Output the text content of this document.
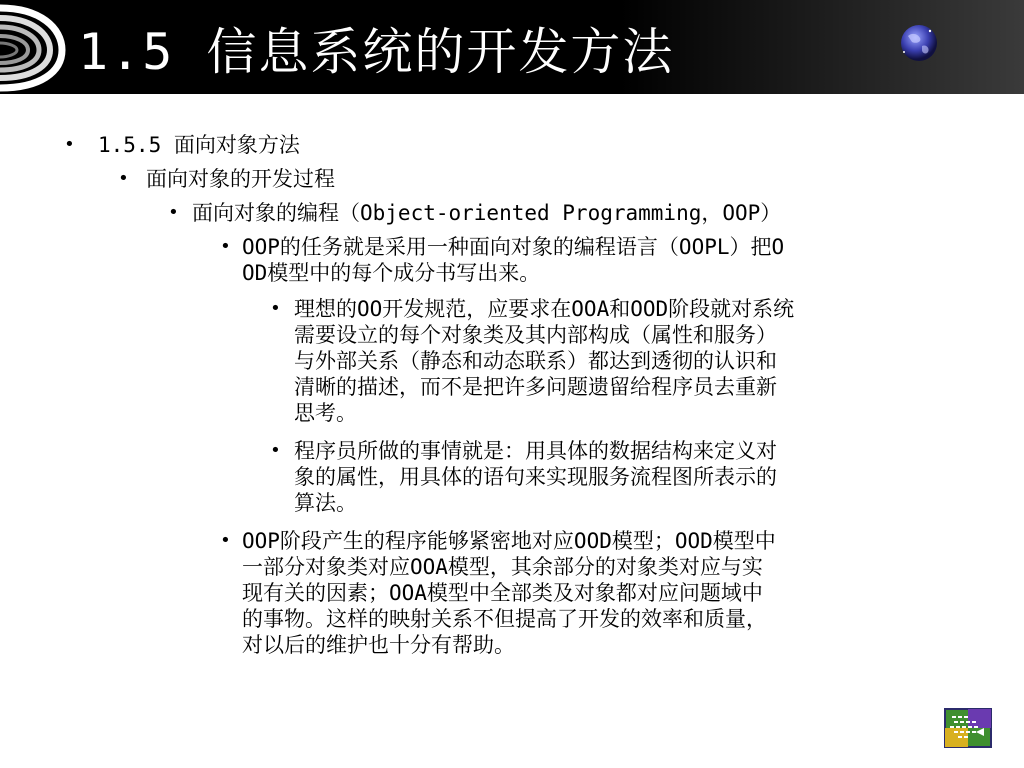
1.5 信息系统的开发方法
• 1.5.5 面向对象方法
• 面向对象的开发过程
• 面向对象的编程（Object-oriented Programming，OOP）
• OOP的任务就是采用一种面向对象的编程语言（OOPL）把O
OD模型中的每个成分书写出来。
• 理想的OO开发规范，应要求在OOA和OOD阶段就对系统
需要设立的每个对象类及其内部构成（属性和服务）
与外部关系（静态和动态联系）都达到透彻的认识和
清晰的描述，而不是把许多问题遗留给程序员去重新
思考。
• 程序员所做的事情就是：用具体的数据结构来定义对
象的属性，用具体的语句来实现服务流程图所表示的
算法。
• OOP阶段产生的程序能够紧密地对应OOD模型；OOD模型中
一部分对象类对应OOA模型，其余部分的对象类对应与实
现有关的因素；OOA模型中全部类及对象都对应问题域中
的事物。这样的映射关系不但提高了开发的效率和质量，
对以后的维护也十分有帮助。
